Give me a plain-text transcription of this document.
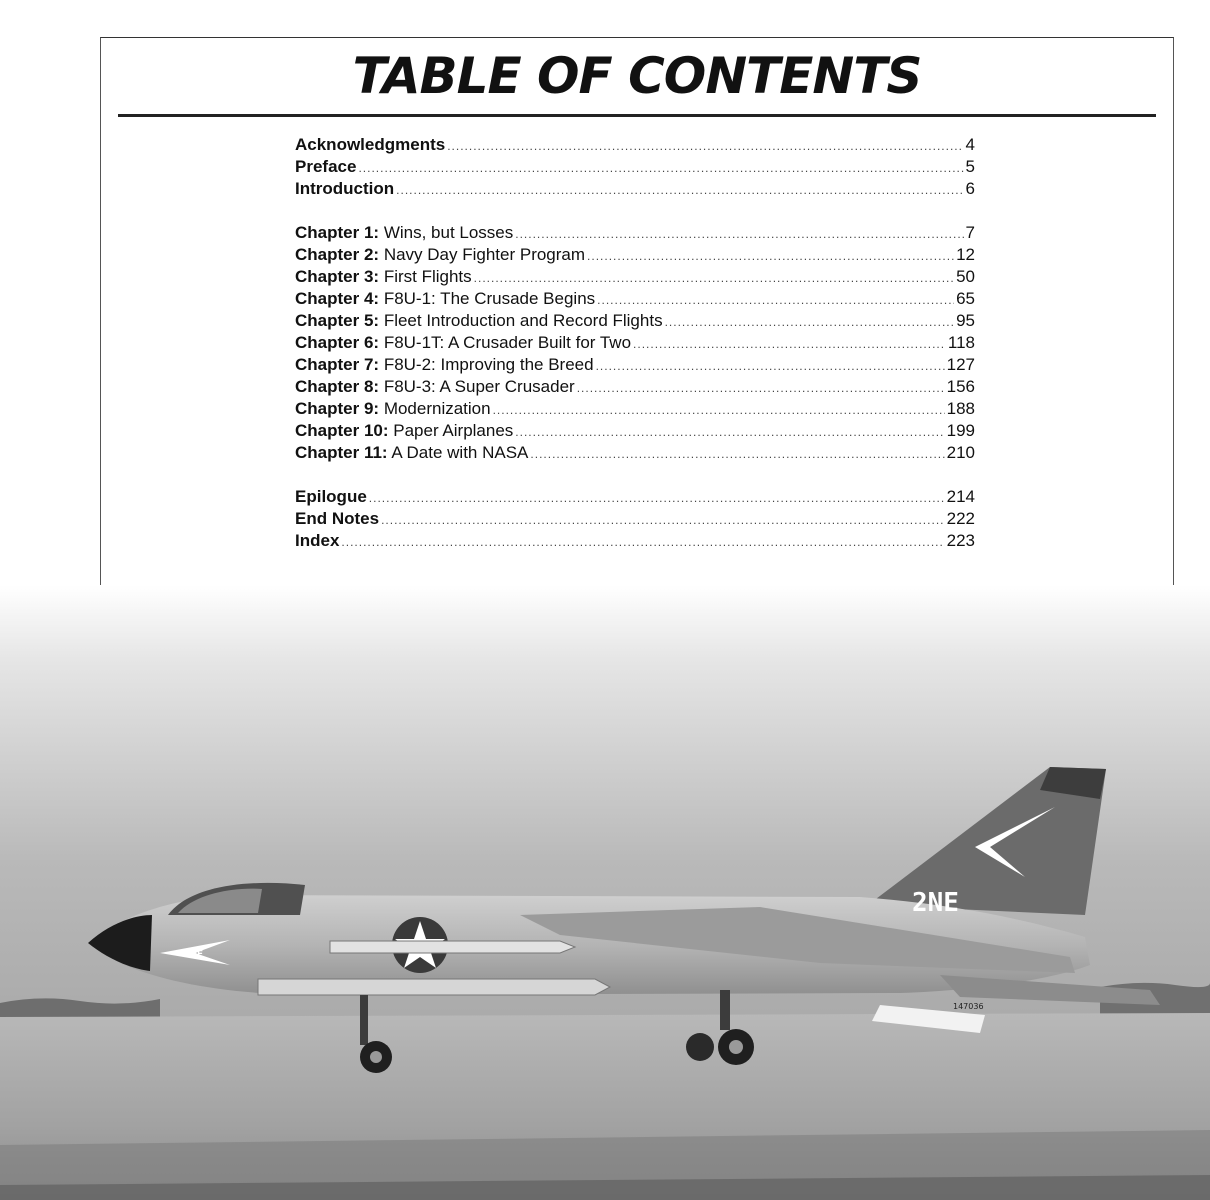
TABLE OF CONTENTS
Acknowledgments .....	4
Preface .....	5
Introduction .....	6
Chapter 1: Wins, but Losses .....	7
Chapter 2: Navy Day Fighter Program .....	12
Chapter 3: First Flights .....	50
Chapter 4: F8U-1: The Crusade Begins .....	65
Chapter 5: Fleet Introduction and Record Flights .....	95
Chapter 6: F8U-1T: A Crusader Built for Two .....	118
Chapter 7: F8U-2: Improving the Breed .....	127
Chapter 8: F8U-3: A Super Crusader .....	156
Chapter 9: Modernization .....	188
Chapter 10: Paper Airplanes .....	199
Chapter 11: A Date with NASA .....	210
Epilogue .....	214
End Notes .....	222
Index .....	223
2NE
2NE
147036
